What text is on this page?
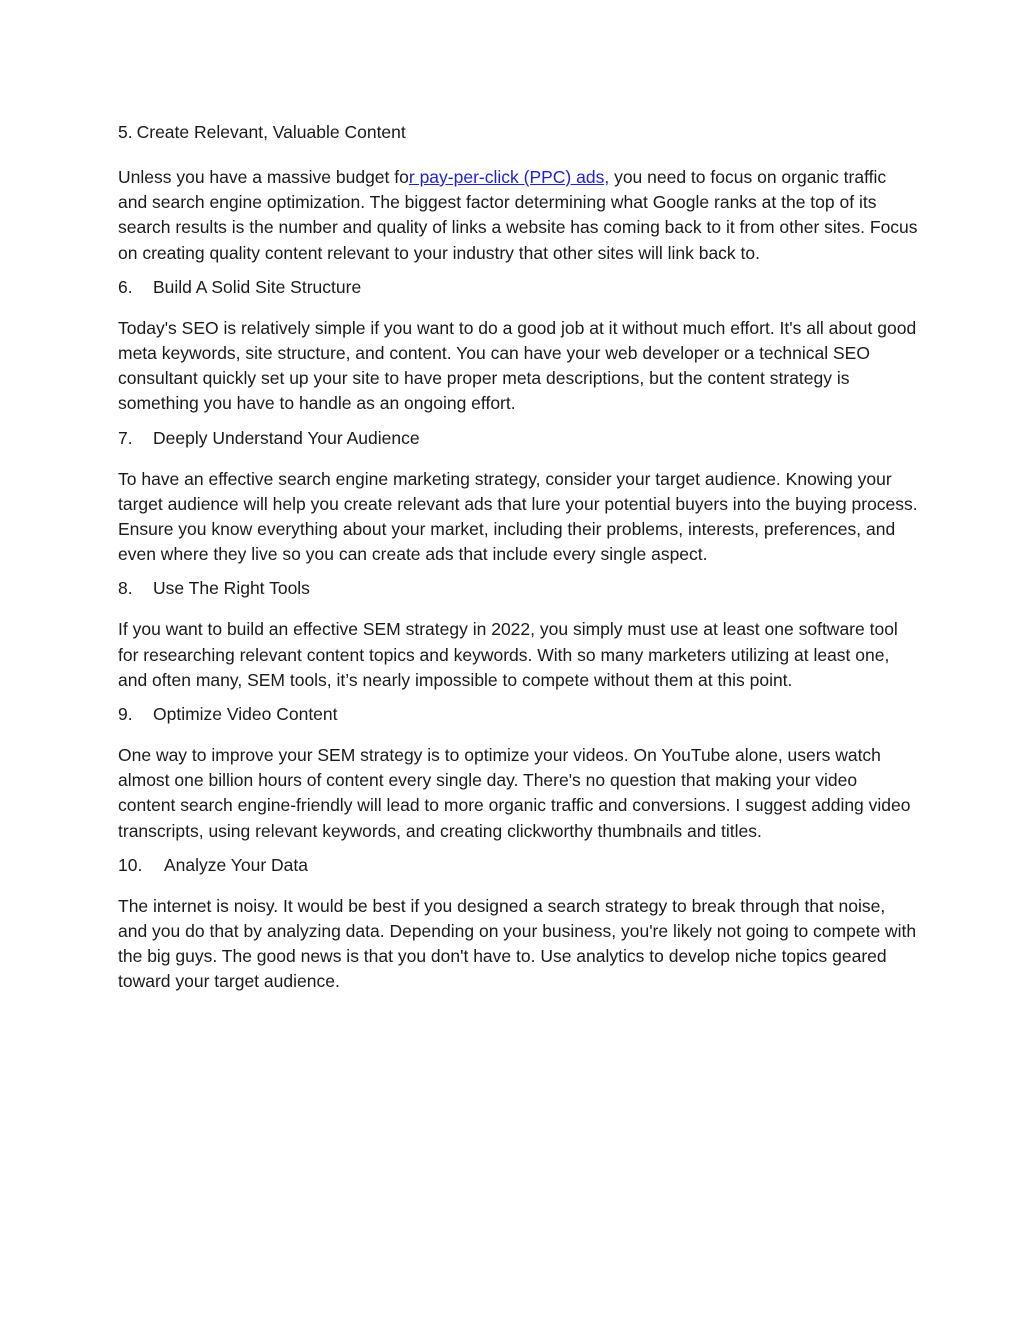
5. Create Relevant, Valuable Content

Unless you have a massive budget for pay-per-click (PPC) ads, you need to focus on organic traffic and search engine optimization. The biggest factor determining what Google ranks at the top of its search results is the number and quality of links a website has coming back to it from other sites. Focus on creating quality content relevant to your industry that other sites will link back to.

6. Build A Solid Site Structure

Today's SEO is relatively simple if you want to do a good job at it without much effort. It's all about good meta keywords, site structure, and content. You can have your web developer or a technical SEO consultant quickly set up your site to have proper meta descriptions, but the content strategy is something you have to handle as an ongoing effort.

7. Deeply Understand Your Audience

To have an effective search engine marketing strategy, consider your target audience. Knowing your target audience will help you create relevant ads that lure your potential buyers into the buying process. Ensure you know everything about your market, including their problems, interests, preferences, and even where they live so you can create ads that include every single aspect.

8. Use The Right Tools

If you want to build an effective SEM strategy in 2022, you simply must use at least one software tool for researching relevant content topics and keywords. With so many marketers utilizing at least one, and often many, SEM tools, it’s nearly impossible to compete without them at this point.

9. Optimize Video Content

One way to improve your SEM strategy is to optimize your videos. On YouTube alone, users watch almost one billion hours of content every single day. There's no question that making your video content search engine-friendly will lead to more organic traffic and conversions. I suggest adding video transcripts, using relevant keywords, and creating clickworthy thumbnails and titles.

10. Analyze Your Data

The internet is noisy. It would be best if you designed a search strategy to break through that noise, and you do that by analyzing data. Depending on your business, you're likely not going to compete with the big guys. The good news is that you don't have to. Use analytics to develop niche topics geared toward your target audience.
